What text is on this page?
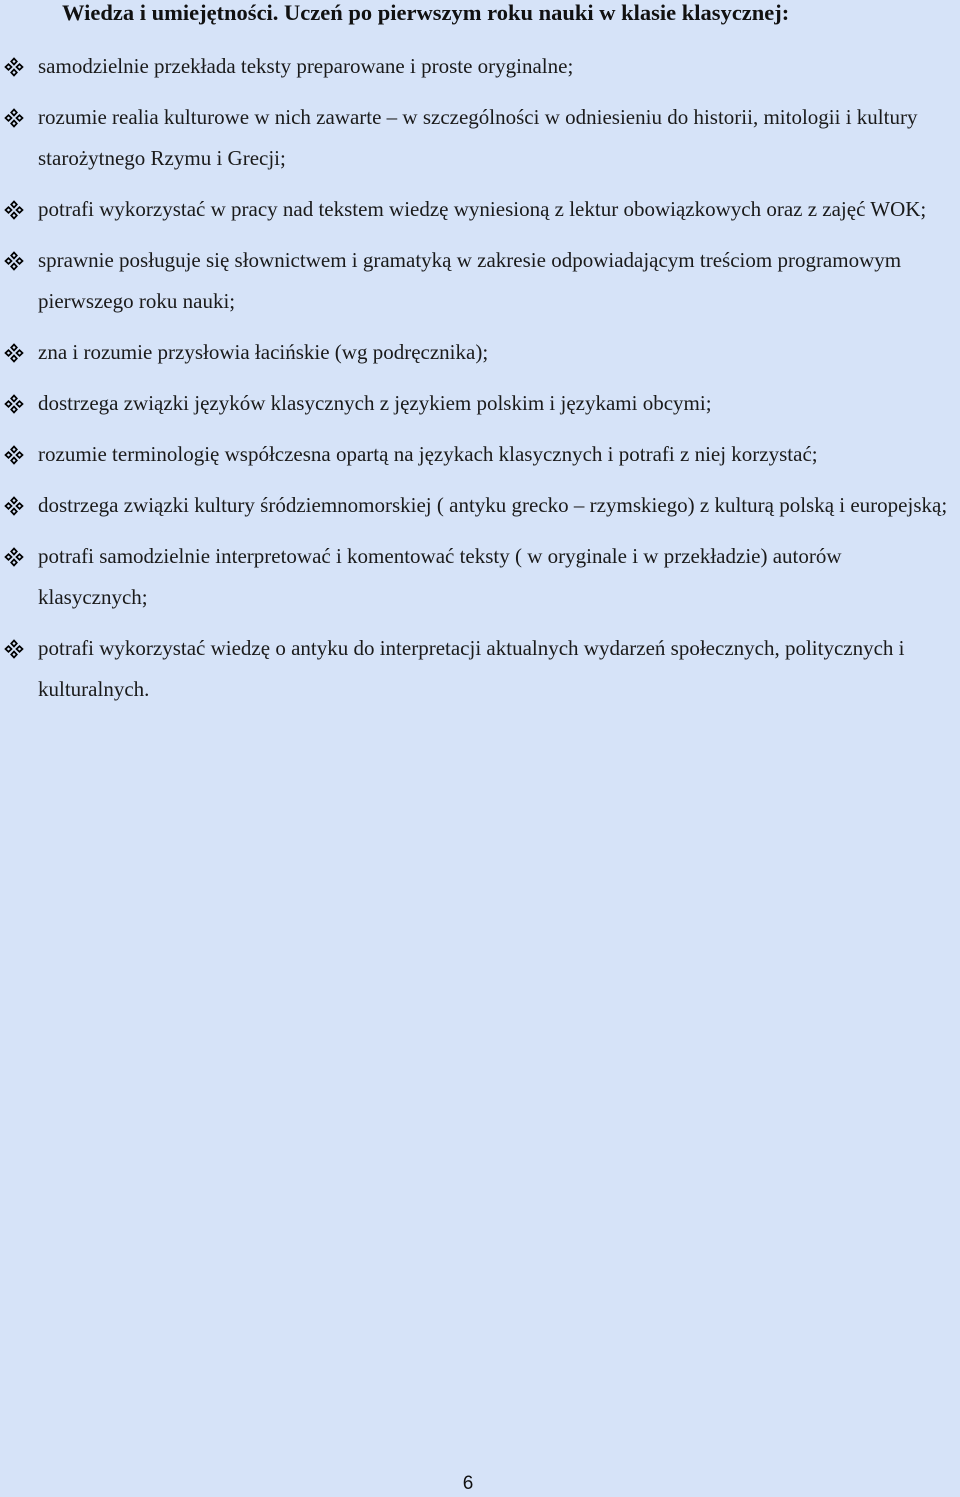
Wiedza i umiejętności. Uczeń po pierwszym roku nauki w klasie klasycznej:
samodzielnie przekłada teksty preparowane i proste oryginalne;
rozumie realia kulturowe w nich zawarte – w szczególności w odniesieniu do historii, mitologii i kultury starożytnego Rzymu i Grecji;
potrafi wykorzystać w pracy nad tekstem wiedzę wyniesioną z lektur obowiązkowych oraz z zajęć WOK;
sprawnie posługuje się słownictwem i gramatyką w zakresie odpowiadającym treściom programowym pierwszego roku nauki;
zna i rozumie przysłowia łacińskie (wg podręcznika);
dostrzega związki języków klasycznych z językiem polskim i językami obcymi;
rozumie terminologię współczesna opartą na językach klasycznych i potrafi z niej korzystać;
dostrzega związki kultury śródziemnomorskiej ( antyku grecko – rzymskiego) z kulturą polską i europejską;
potrafi samodzielnie interpretować i komentować teksty ( w oryginale i w przekładzie) autorów klasycznych;
potrafi wykorzystać wiedzę o antyku do interpretacji aktualnych wydarzeń społecznych, politycznych i kulturalnych.
6
